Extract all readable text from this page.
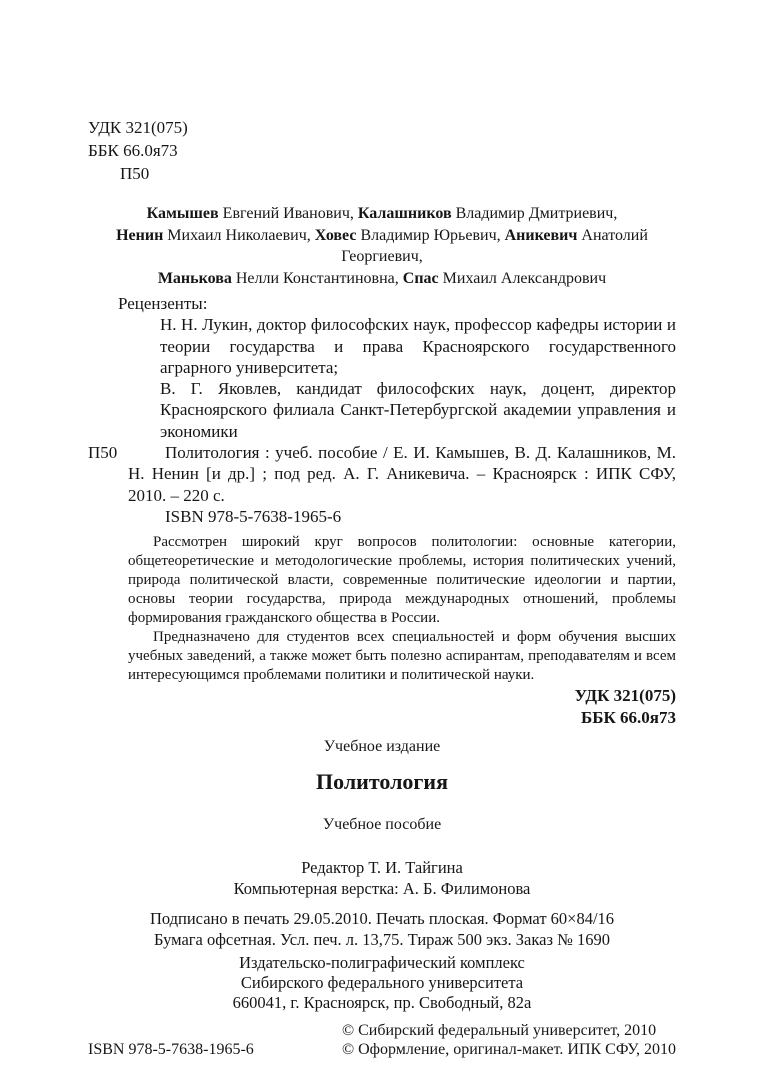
УДК 321(075)

ББК 66.0я73

П50

Камышев Евгений Иванович, Калашников Владимир Дмитриевич,

Ненин Михаил Николаевич, Ховес Владимир Юрьевич, Аникевич Анатолий Георгиевич,

Манькова Нелли Константиновна, Спас Михаил Александрович

Рецензенты:

Н. Н. Лукин, доктор философских наук, профессор кафедры истории и теории государства и права Красноярского государственного аграрного университета;

В. Г. Яковлев, кандидат философских наук, доцент, директор Красноярского филиала Санкт-Петербургской академии управления и экономики

П50	Политология : учеб. пособие / Е. И. Камышев, В. Д. Калашников, М. Н. Ненин [и др.] ; под ред. А. Г. Аникевича. – Красноярск : ИПК СФУ, 2010. – 220 с.

ISBN 978-5-7638-1965-6

Рассмотрен широкий круг вопросов политологии: основные категории, общетеоретические и методологические проблемы, история политических учений, природа политической власти, современные политические идеологии и партии, основы теории государства, природа международных отношений, проблемы формирования гражданского общества в России.

Предназначено для студентов всех специальностей и форм обучения высших учебных заведений, а также может быть полезно аспирантам, преподавателям и всем интересующимся проблемами политики и политической науки.

УДК 321(075)

ББК 66.0я73

Учебное издание

Политология

Учебное пособие

Редактор Т. И. Тайгина

Компьютерная верстка: А. Б. Филимонова

Подписано в печать 29.05.2010. Печать плоская. Формат 60×84/16

Бумага офсетная. Усл. печ. л. 13,75. Тираж 500 экз. Заказ № 1690

Издательско-полиграфический комплекс

Сибирского федерального университета

660041, г. Красноярск, пр. Свободный, 82а

ISBN 978-5-7638-1965-6

© Сибирский федеральный университет, 2010

© Оформление, оригинал-макет. ИПК СФУ, 2010
